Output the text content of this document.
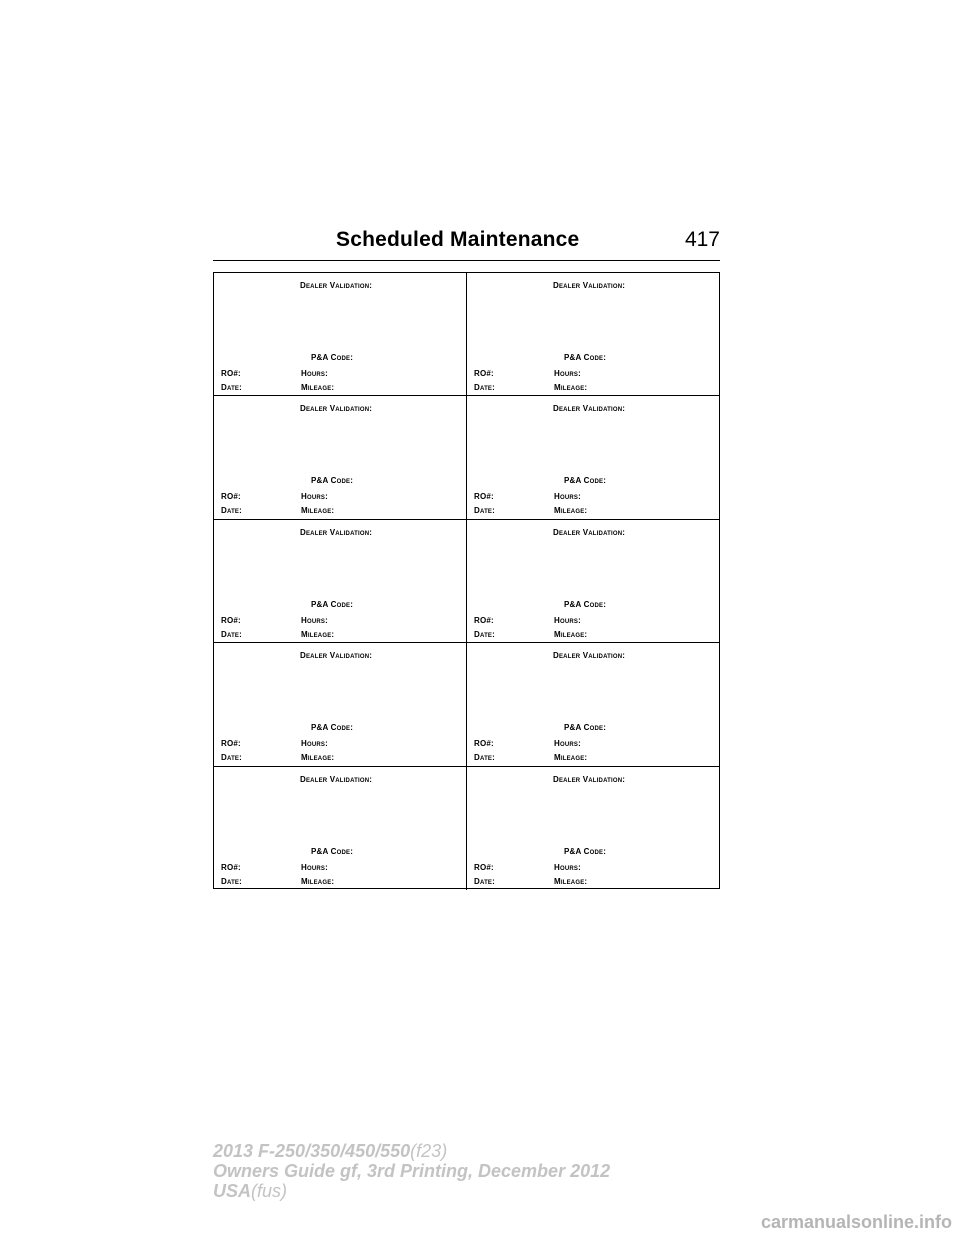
Scheduled Maintenance	417
Dealer Validation:
P&A Code:
RO#:	Hours:
Date:	Mileage:
Dealer Validation:
P&A Code:
RO#:	Hours:
Date:	Mileage:
Dealer Validation:
P&A Code:
RO#:	Hours:
Date:	Mileage:
Dealer Validation:
P&A Code:
RO#:	Hours:
Date:	Mileage:
Dealer Validation:
P&A Code:
RO#:	Hours:
Date:	Mileage:
Dealer Validation:
P&A Code:
RO#:	Hours:
Date:	Mileage:
Dealer Validation:
P&A Code:
RO#:	Hours:
Date:	Mileage:
Dealer Validation:
P&A Code:
RO#:	Hours:
Date:	Mileage:
Dealer Validation:
P&A Code:
RO#:	Hours:
Date:	Mileage:
Dealer Validation:
P&A Code:
RO#:	Hours:
Date:	Mileage:
2013 F-250/350/450/550(f23)
Owners Guide gf, 3rd Printing, December 2012
USA(fus)
carmanualsonline.info
